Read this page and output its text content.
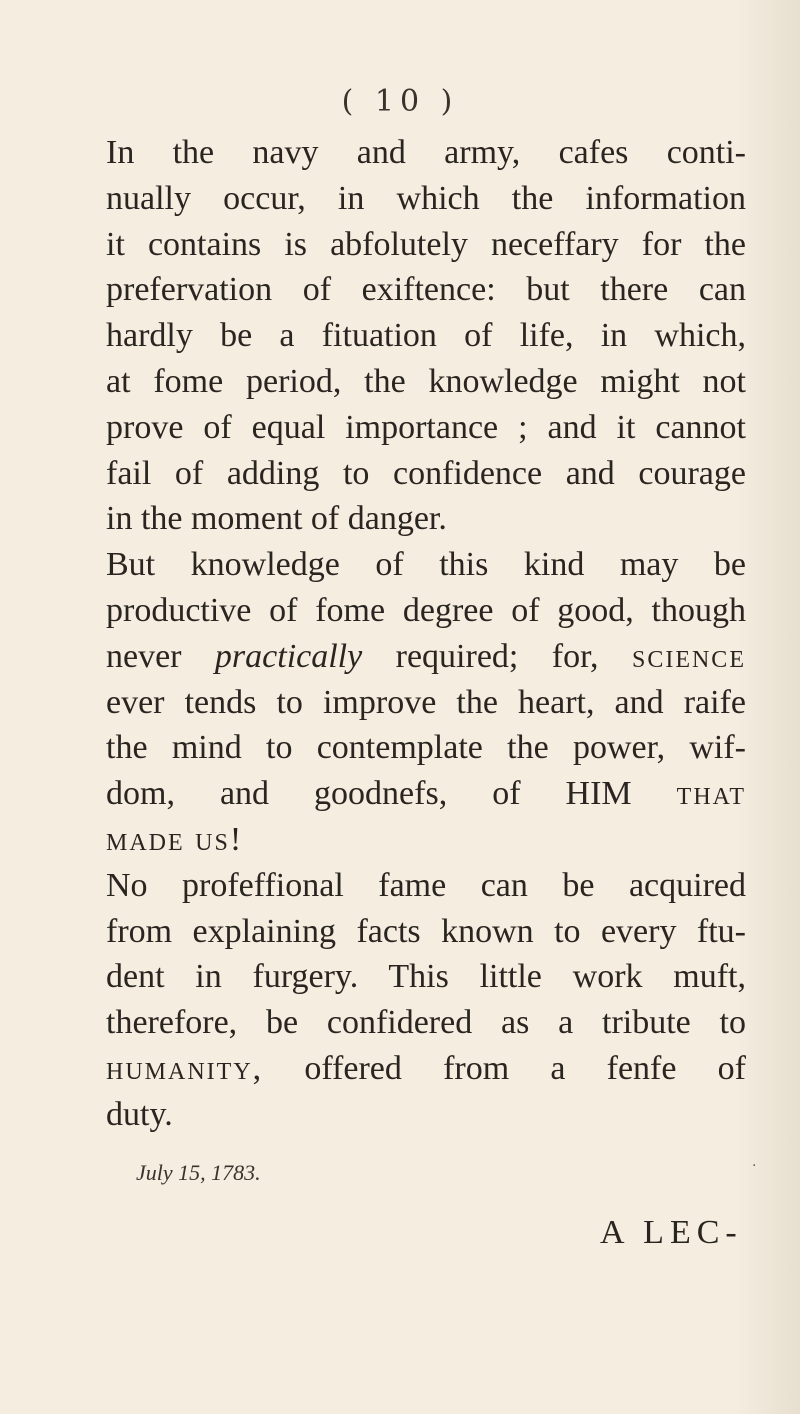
( 10 )

In the navy and army, cafes conti-

nually occur, in which the information

it contains is abfolutely neceffary for the

prefervation of exiftence: but there can

hardly be a fituation of life, in which,

at fome period, the knowledge might not

prove of equal importance ; and it cannot

fail of adding to confidence and courage

in the moment of danger.

But knowledge of this kind may be

productive of fome degree of good, though

never practically required; for, science

ever tends to improve the heart, and raife

the mind to contemplate the power, wif-

dom, and goodnefs, of HIM that

made us!

No profeffional fame can be acquired

from explaining facts known to every ftu-

dent in furgery. This little work muft,

therefore, be confidered as a tribute to

humanity, offered from a fenfe of

duty.

July 15, 1783.	·
A LEC-
